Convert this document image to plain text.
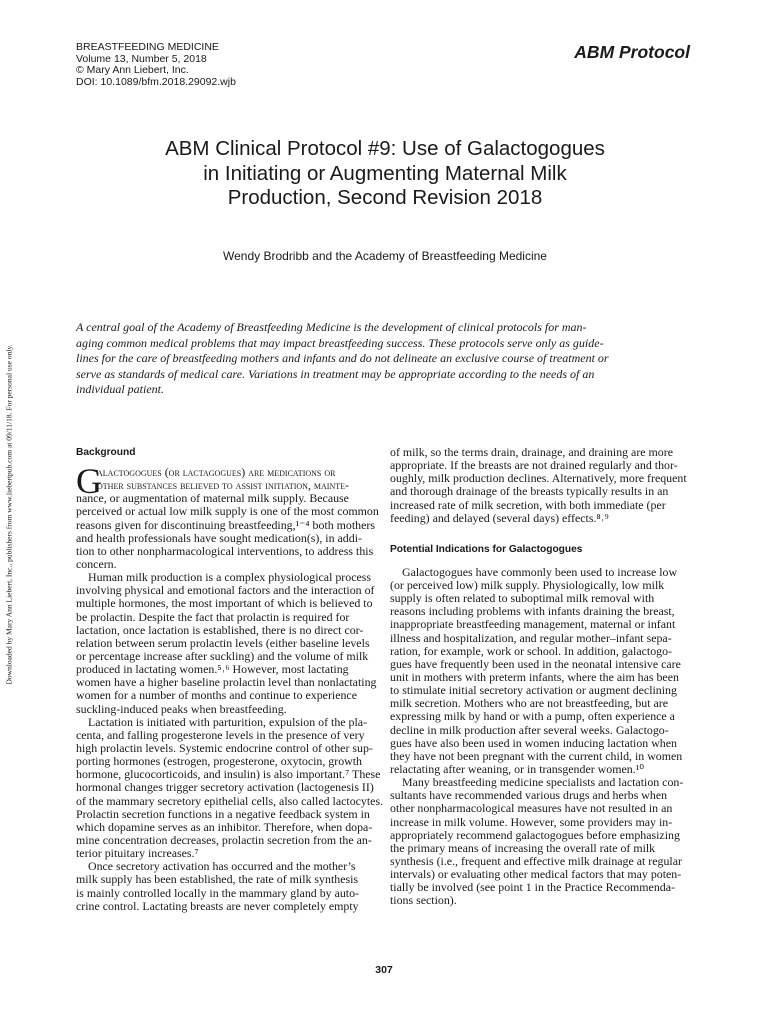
BREASTFEEDING MEDICINE
Volume 13, Number 5, 2018
© Mary Ann Liebert, Inc.
DOI: 10.1089/bfm.2018.29092.wjb
ABM Protocol
ABM Clinical Protocol #9: Use of Galactogogues
in Initiating or Augmenting Maternal Milk
Production, Second Revision 2018
Wendy Brodribb and the Academy of Breastfeeding Medicine
Downloaded by Mary Ann Liebert, Inc., publishers from www.liebertpub.com at 09/11/18. For personal use only.
A central goal of the Academy of Breastfeeding Medicine is the development of clinical protocols for man-
aging common medical problems that may impact breastfeeding success. These protocols serve only as guide-
lines for the care of breastfeeding mothers and infants and do not delineate an exclusive course of treatment or
serve as standards of medical care. Variations in treatment may be appropriate according to the needs of an
individual patient.
Background
G
alactogogues (or lactagogues) are medications or
other substances believed to assist initiation, mainte-
nance, or augmentation of maternal milk supply. Because
perceived or actual low milk supply is one of the most common
reasons given for discontinuing breastfeeding,¹⁻⁴ both mothers
and health professionals have sought medication(s), in addi-
tion to other nonpharmacological interventions, to address this
concern.
Human milk production is a complex physiological process
involving physical and emotional factors and the interaction of
multiple hormones, the most important of which is believed to
be prolactin. Despite the fact that prolactin is required for
lactation, once lactation is established, there is no direct cor-
relation between serum prolactin levels (either baseline levels
or percentage increase after suckling) and the volume of milk
produced in lactating women.⁵˒⁶ However, most lactating
women have a higher baseline prolactin level than nonlactating
women for a number of months and continue to experience
suckling-induced peaks when breastfeeding.
Lactation is initiated with parturition, expulsion of the pla-
centa, and falling progesterone levels in the presence of very
high prolactin levels. Systemic endocrine control of other sup-
porting hormones (estrogen, progesterone, oxytocin, growth
hormone, glucocorticoids, and insulin) is also important.⁷ These
hormonal changes trigger secretory activation (lactogenesis II)
of the mammary secretory epithelial cells, also called lactocytes.
Prolactin secretion functions in a negative feedback system in
which dopamine serves as an inhibitor. Therefore, when dopa-
mine concentration decreases, prolactin secretion from the an-
terior pituitary increases.⁷
Once secretory activation has occurred and the mother’s
milk supply has been established, the rate of milk synthesis
is mainly controlled locally in the mammary gland by auto-
crine control. Lactating breasts are never completely empty
of milk, so the terms drain, drainage, and draining are more
appropriate. If the breasts are not drained regularly and thor-
oughly, milk production declines. Alternatively, more frequent
and thorough drainage of the breasts typically results in an
increased rate of milk secretion, with both immediate (per
feeding) and delayed (several days) effects.⁸˒⁹
Potential Indications for Galactogogues
Galactogogues have commonly been used to increase low
(or perceived low) milk supply. Physiologically, low milk
supply is often related to suboptimal milk removal with
reasons including problems with infants draining the breast,
inappropriate breastfeeding management, maternal or infant
illness and hospitalization, and regular mother–infant sepa-
ration, for example, work or school. In addition, galactogo-
gues have frequently been used in the neonatal intensive care
unit in mothers with preterm infants, where the aim has been
to stimulate initial secretory activation or augment declining
milk secretion. Mothers who are not breastfeeding, but are
expressing milk by hand or with a pump, often experience a
decline in milk production after several weeks. Galactogo-
gues have also been used in women inducing lactation when
they have not been pregnant with the current child, in women
relactating after weaning, or in transgender women.¹⁰
Many breastfeeding medicine specialists and lactation con-
sultants have recommended various drugs and herbs when
other nonpharmacological measures have not resulted in an
increase in milk volume. However, some providers may in-
appropriately recommend galactogogues before emphasizing
the primary means of increasing the overall rate of milk
synthesis (i.e., frequent and effective milk drainage at regular
intervals) or evaluating other medical factors that may poten-
tially be involved (see point 1 in the Practice Recommenda-
tions section).
307
